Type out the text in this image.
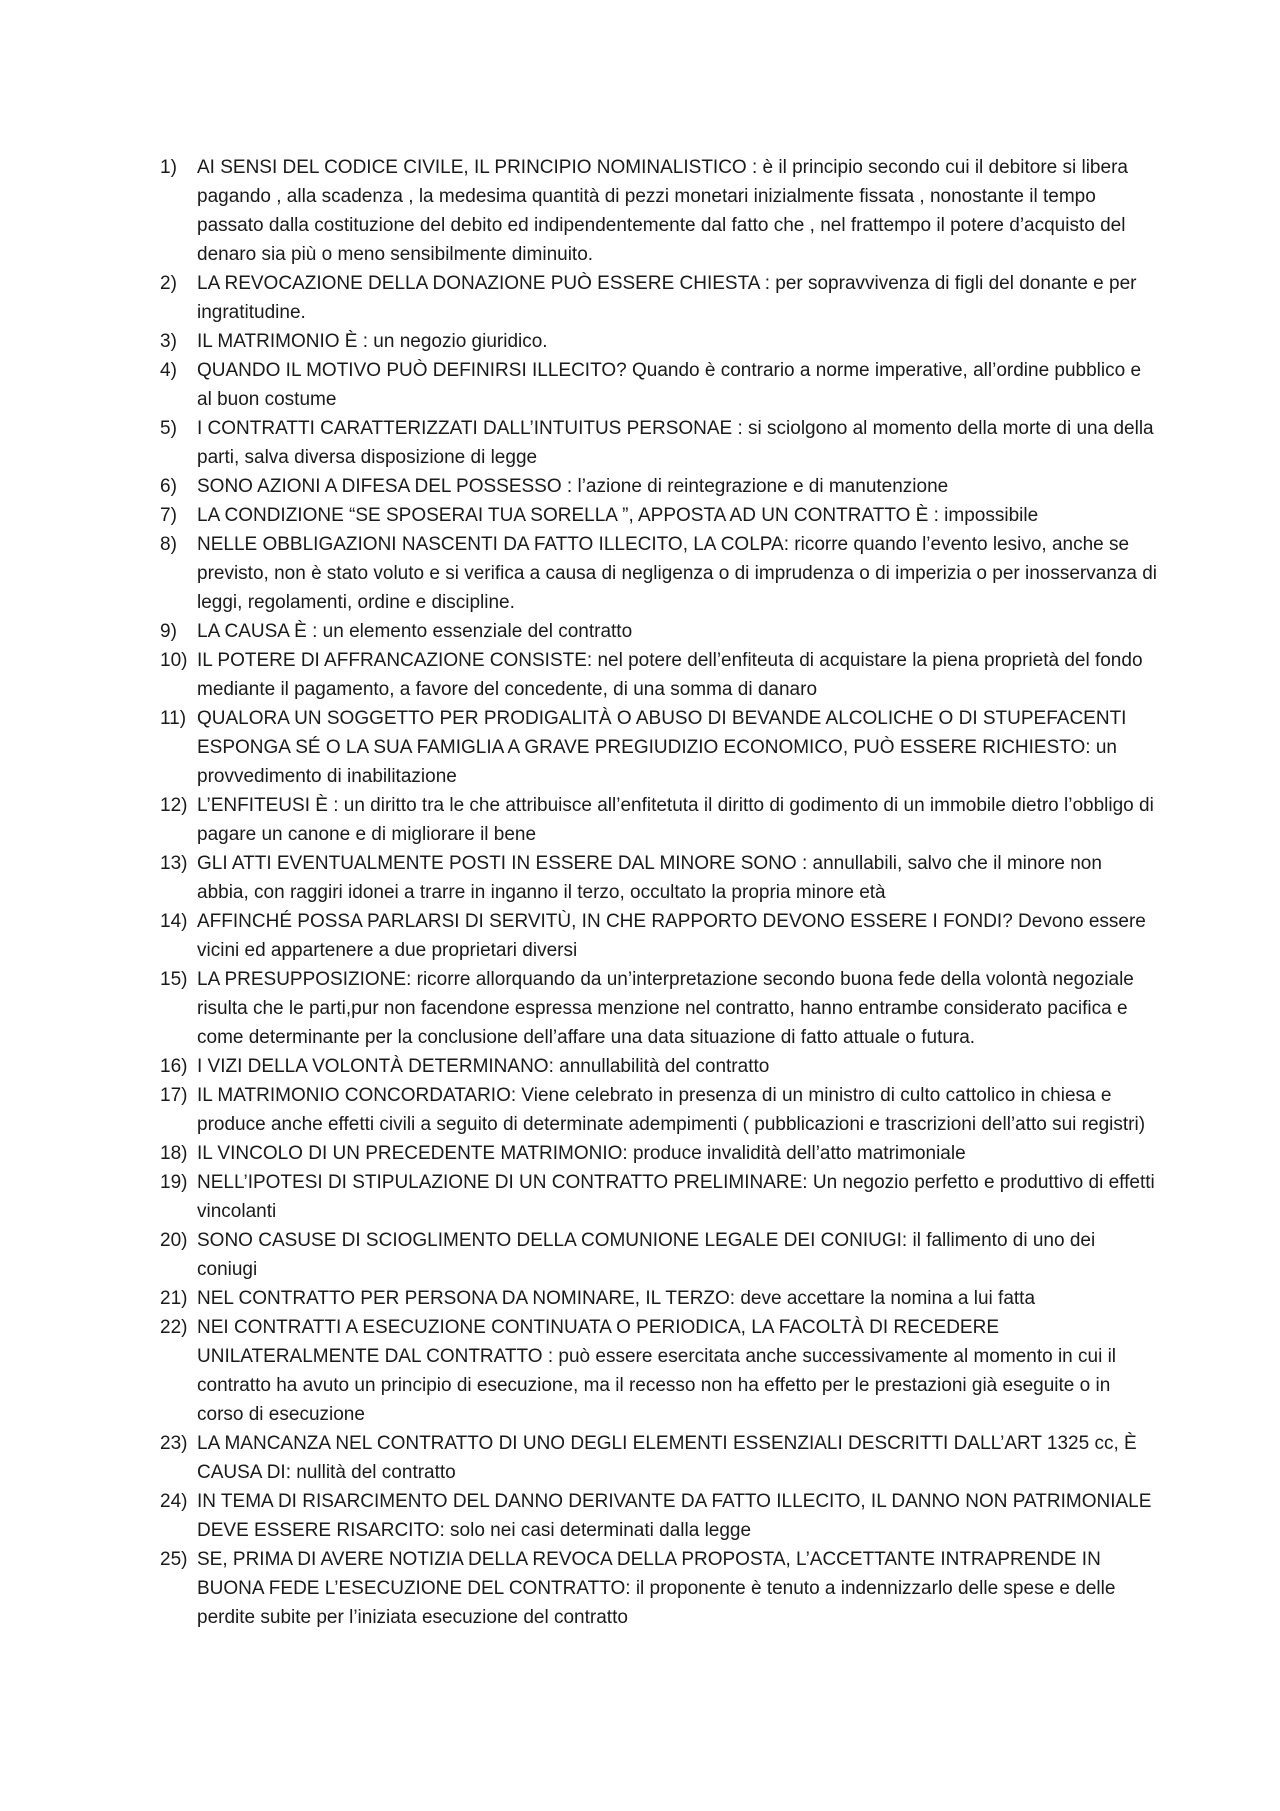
1)	AI SENSI DEL CODICE CIVILE, IL PRINCIPIO NOMINALISTICO : è il principio secondo cui il debitore si libera pagando , alla scadenza , la medesima quantità di pezzi monetari inizialmente fissata , nonostante il tempo passato dalla costituzione del debito ed indipendentemente dal fatto che , nel frattempo il potere d’acquisto del denaro sia più o meno sensibilmente diminuito.
2)	LA REVOCAZIONE DELLA DONAZIONE PUÒ ESSERE CHIESTA : per sopravvivenza di figli del donante e per ingratitudine.
3)	IL MATRIMONIO È : un negozio giuridico.
4)	QUANDO IL MOTIVO PUÒ DEFINIRSI ILLECITO? Quando è contrario a norme imperative, all’ordine pubblico e al buon costume
5)	I CONTRATTI CARATTERIZZATI DALL’INTUITUS PERSONAE : si sciolgono al momento della morte di una della parti, salva diversa disposizione di legge
6)	SONO AZIONI A DIFESA DEL POSSESSO : l’azione di reintegrazione e di manutenzione
7)	LA CONDIZIONE “SE SPOSERAI TUA SORELLA ”, APPOSTA AD UN CONTRATTO È : impossibile
8)	NELLE OBBLIGAZIONI NASCENTI DA FATTO ILLECITO, LA COLPA: ricorre quando l’evento lesivo, anche se previsto, non è stato voluto e si verifica a causa di negligenza o di imprudenza o di imperizia o per inosservanza di leggi, regolamenti, ordine e discipline.
9)	LA CAUSA È : un elemento essenziale del contratto
10) IL POTERE DI AFFRANCAZIONE CONSISTE: nel potere dell’enfiteuta di acquistare la piena proprietà del fondo mediante il pagamento, a favore del concedente, di una somma di danaro
11) QUALORA UN SOGGETTO PER PRODIGALITÀ O ABUSO DI BEVANDE ALCOLICHE O DI STUPEFACENTI ESPONGA SÉ O LA SUA FAMIGLIA A GRAVE PREGIUDIZIO ECONOMICO, PUÒ ESSERE RICHIESTO: un provvedimento di inabilitazione
12) L’ENFITEUSI È : un diritto tra le che attribuisce all’enfitetuta il diritto di godimento di un immobile dietro l’obbligo di pagare un canone e di migliorare il bene
13) GLI ATTI EVENTUALMENTE POSTI IN ESSERE DAL MINORE SONO : annullabili, salvo che il minore non abbia, con raggiri idonei a trarre in inganno il terzo, occultato la propria minore età
14) AFFINCHÉ POSSA PARLARSI DI SERVITÙ, IN CHE RAPPORTO DEVONO ESSERE I FONDI? Devono essere vicini ed appartenere a due proprietari diversi
15) LA PRESUPPOSIZIONE: ricorre allorquando da un’interpretazione secondo buona fede della volontà negoziale risulta che le parti,pur non facendone espressa menzione nel contratto, hanno entrambe considerato pacifica e come determinante per la conclusione dell’affare una data situazione di fatto attuale o futura.
16) I VIZI DELLA VOLONTÀ DETERMINANO: annullabilità del contratto
17) IL MATRIMONIO CONCORDATARIO: Viene celebrato in presenza di un ministro di culto cattolico in chiesa e produce anche effetti civili a seguito di determinate adempimenti ( pubblicazioni e trascrizioni dell’atto sui registri)
18) IL VINCOLO DI UN PRECEDENTE MATRIMONIO: produce invalidità dell’atto matrimoniale
19) NELL’IPOTESI DI STIPULAZIONE DI UN CONTRATTO PRELIMINARE: Un negozio perfetto e produttivo di effetti vincolanti
20) SONO CASUSE DI SCIOGLIMENTO DELLA COMUNIONE LEGALE DEI CONIUGI: il fallimento di uno dei coniugi
21) NEL CONTRATTO PER PERSONA DA NOMINARE, IL TERZO: deve accettare la nomina a lui fatta
22) NEI CONTRATTI A ESECUZIONE CONTINUATA O PERIODICA, LA FACOLTÀ DI RECEDERE UNILATERALMENTE DAL CONTRATTO : può essere esercitata anche successivamente al momento in cui il contratto ha avuto un principio di esecuzione, ma il recesso non ha effetto per le prestazioni già eseguite o in corso di esecuzione
23) LA MANCANZA NEL CONTRATTO DI UNO DEGLI ELEMENTI ESSENZIALI DESCRITTI DALL’ART 1325 cc, È CAUSA DI: nullità del contratto
24) IN TEMA DI RISARCIMENTO DEL DANNO DERIVANTE DA FATTO ILLECITO, IL DANNO NON PATRIMONIALE DEVE ESSERE RISARCITO: solo nei casi determinati dalla legge
25) SE, PRIMA DI AVERE NOTIZIA DELLA REVOCA DELLA PROPOSTA, L’ACCETTANTE INTRAPRENDE IN BUONA FEDE L’ESECUZIONE DEL CONTRATTO: il proponente è tenuto a indennizzarlo delle spese e delle perdite subite per l’iniziata esecuzione del contratto
